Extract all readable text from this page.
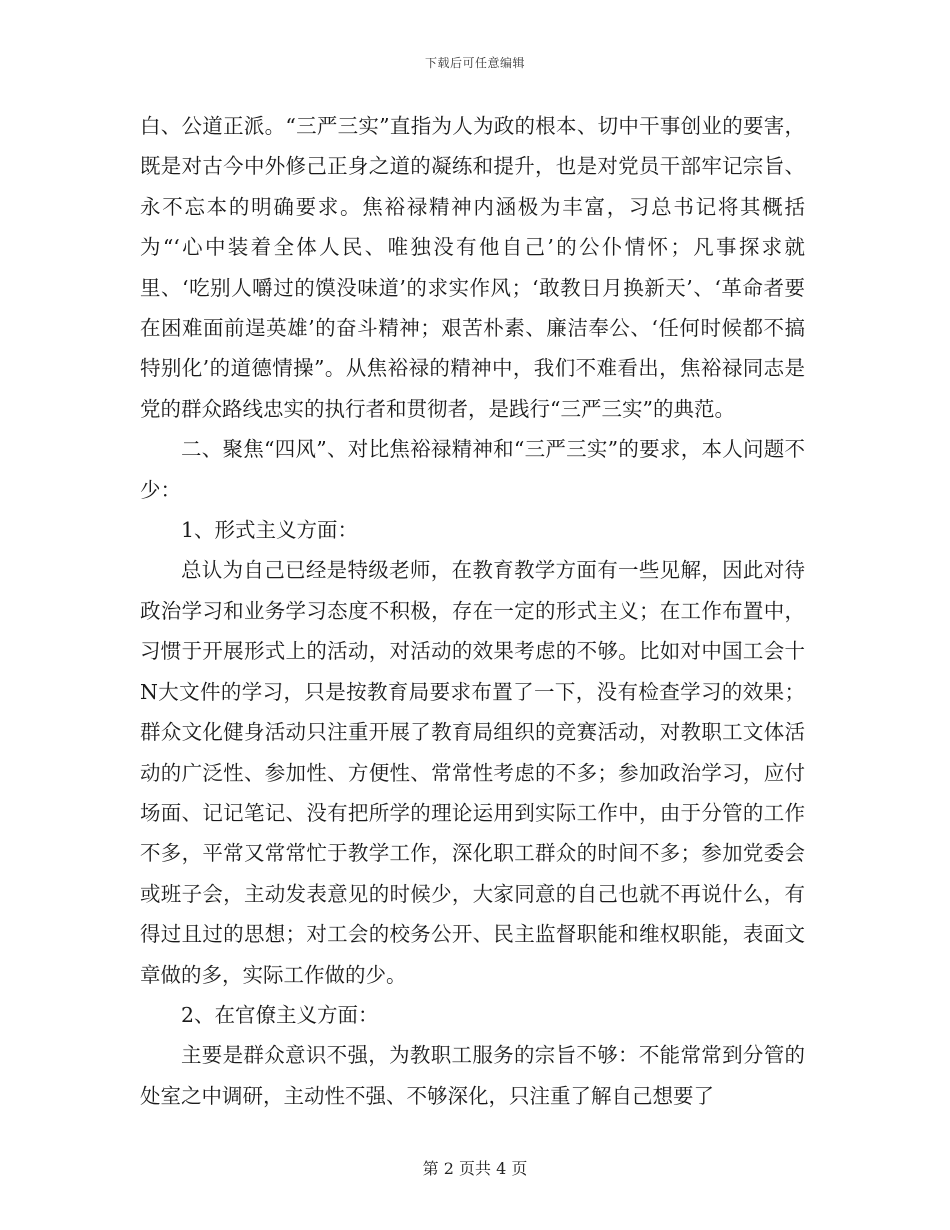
下载后可任意编辑

白、公道正派。“三严三实”直指为人为政的根本、切中干事创业的要害，既是对古今中外修己正身之道的凝练和提升，也是对党员干部牢记宗旨、永不忘本的明确要求。焦裕禄精神内涵极为丰富，习总书记将其概括为“‘心中装着全体人民、唯独没有他自己’的公仆情怀；凡事探求就里、‘吃别人嚼过的馍没味道’的求实作风；‘敢教日月换新天’、‘革命者要在困难面前逞英雄’的奋斗精神；艰苦朴素、廉洁奉公、‘任何时候都不搞特别化’的道德情操”。从焦裕禄的精神中，我们不难看出，焦裕禄同志是党的群众路线忠实的执行者和贯彻者，是践行“三严三实”的典范。

二、聚焦“四风”、对比焦裕禄精神和“三严三实”的要求，本人问题不少：

1、形式主义方面：

总认为自己已经是特级老师，在教育教学方面有一些见解，因此对待政治学习和业务学习态度不积极，存在一定的形式主义；在工作布置中，习惯于开展形式上的活动，对活动的效果考虑的不够。比如对中国工会十N大文件的学习，只是按教育局要求布置了一下，没有检查学习的效果；群众文化健身活动只注重开展了教育局组织的竞赛活动，对教职工文体活动的广泛性、参加性、方便性、常常性考虑的不多；参加政治学习，应付场面、记记笔记、没有把所学的理论运用到实际工作中，由于分管的工作不多，平常又常常忙于教学工作，深化职工群众的时间不多；参加党委会或班子会，主动发表意见的时候少，大家同意的自己也就不再说什么，有得过且过的思想；对工会的校务公开、民主监督职能和维权职能，表面文章做的多，实际工作做的少。

2、在官僚主义方面：

主要是群众意识不强，为教职工服务的宗旨不够：不能常常到分管的处室之中调研，主动性不强、不够深化，只注重了解自己想要了

第 2 页共 4 页
